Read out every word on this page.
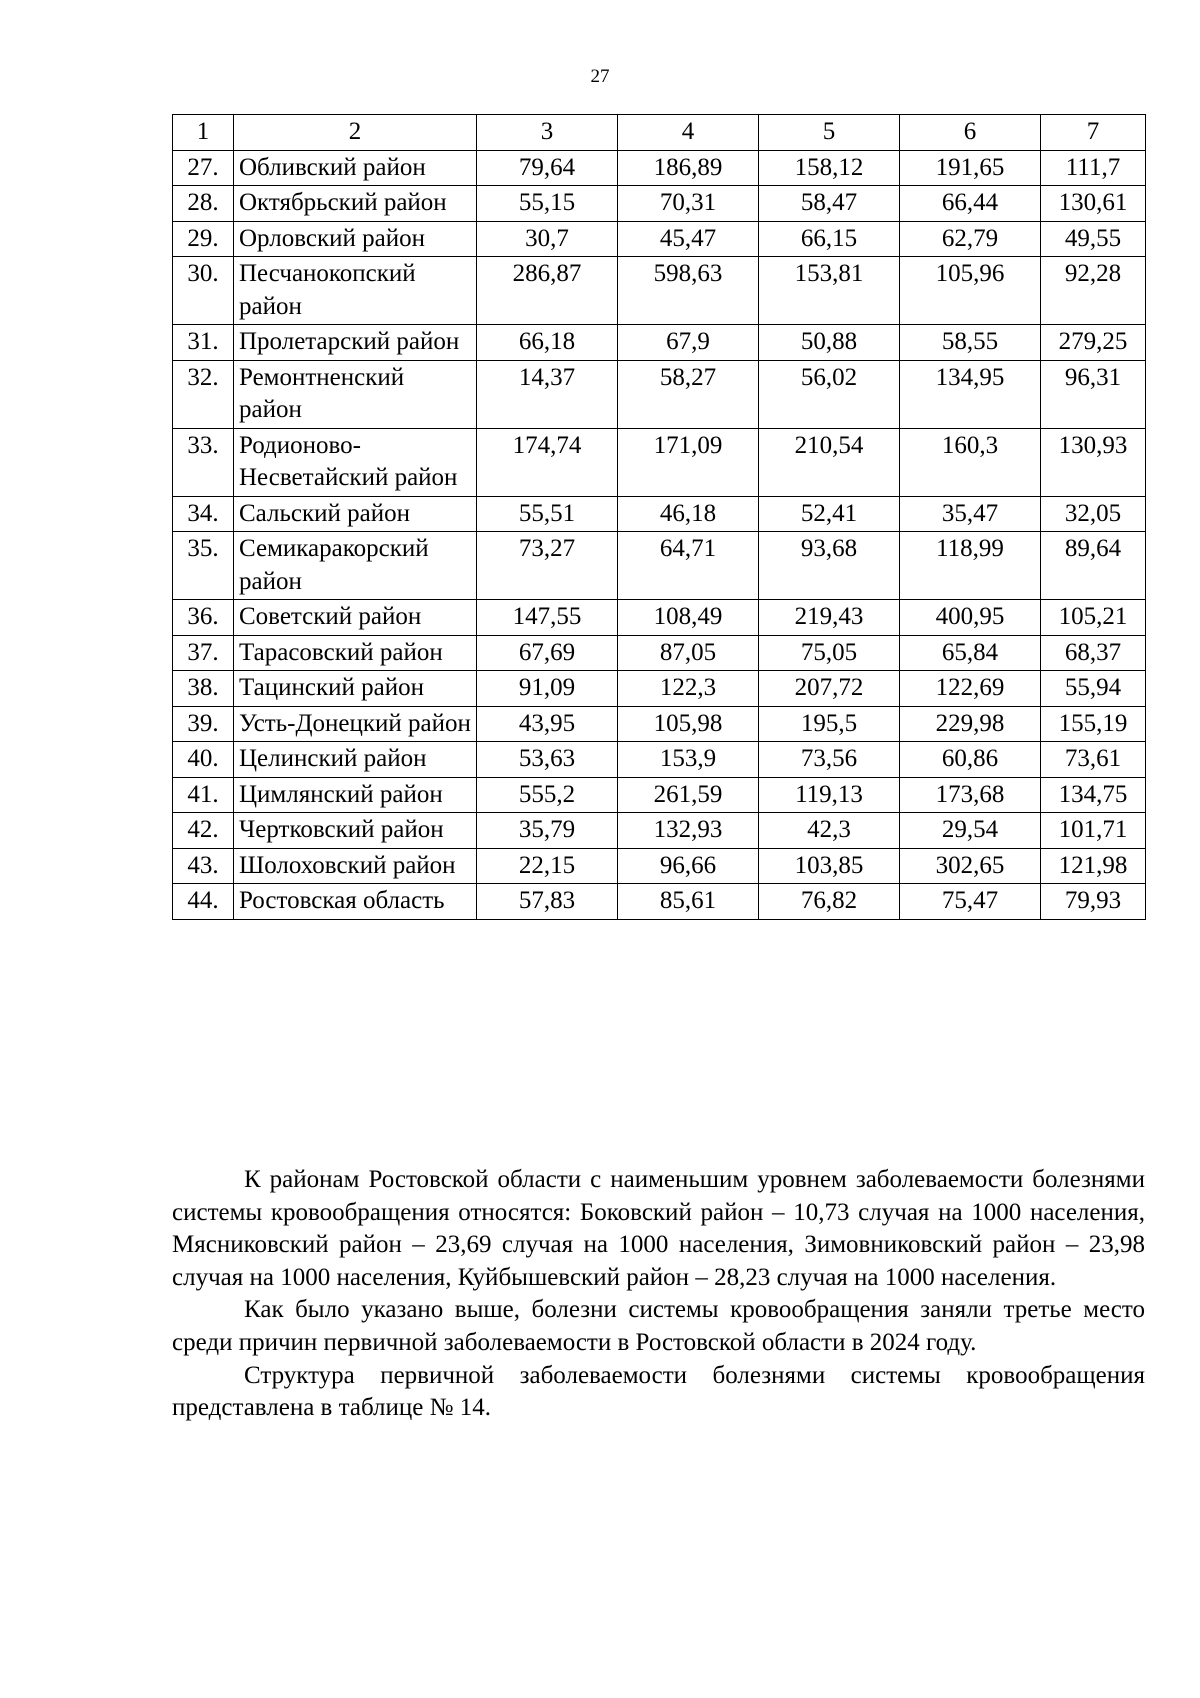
27
1	2	3	4	5	6	7
27.	Обливский район	79,64	186,89	158,12	191,65	111,7
28.	Октябрьский район	55,15	70,31	58,47	66,44	130,61
29.	Орловский район	30,7	45,47	66,15	62,79	49,55
30.	Песчанокопский район	286,87	598,63	153,81	105,96	92,28
31.	Пролетарский район	66,18	67,9	50,88	58,55	279,25
32.	Ремонтненский район	14,37	58,27	56,02	134,95	96,31
33.	Родионово-Несветайский район	174,74	171,09	210,54	160,3	130,93
34.	Сальский район	55,51	46,18	52,41	35,47	32,05
35.	Семикаракорский район	73,27	64,71	93,68	118,99	89,64
36.	Советский район	147,55	108,49	219,43	400,95	105,21
37.	Тарасовский район	67,69	87,05	75,05	65,84	68,37
38.	Тацинский район	91,09	122,3	207,72	122,69	55,94
39.	Усть-Донецкий район	43,95	105,98	195,5	229,98	155,19
40.	Целинский район	53,63	153,9	73,56	60,86	73,61
41.	Цимлянский район	555,2	261,59	119,13	173,68	134,75
42.	Чертковский район	35,79	132,93	42,3	29,54	101,71
43.	Шолоховский район	22,15	96,66	103,85	302,65	121,98
44.	Ростовская область	57,83	85,61	76,82	75,47	79,93

К районам Ростовской области с наименьшим уровнем заболеваемости болезнями системы кровообращения относятся: Боковский район – 10,73 случая на 1000 населения, Мясниковский район – 23,69 случая на 1000 населения, Зимовниковский район – 23,98 случая на 1000 населения, Куйбышевский район – 28,23 случая на 1000 населения.

Как было указано выше, болезни системы кровообращения заняли третье место среди причин первичной заболеваемости в Ростовской области в 2024 году.

Структура первичной заболеваемости болезнями системы кровообращения представлена в таблице № 14.
